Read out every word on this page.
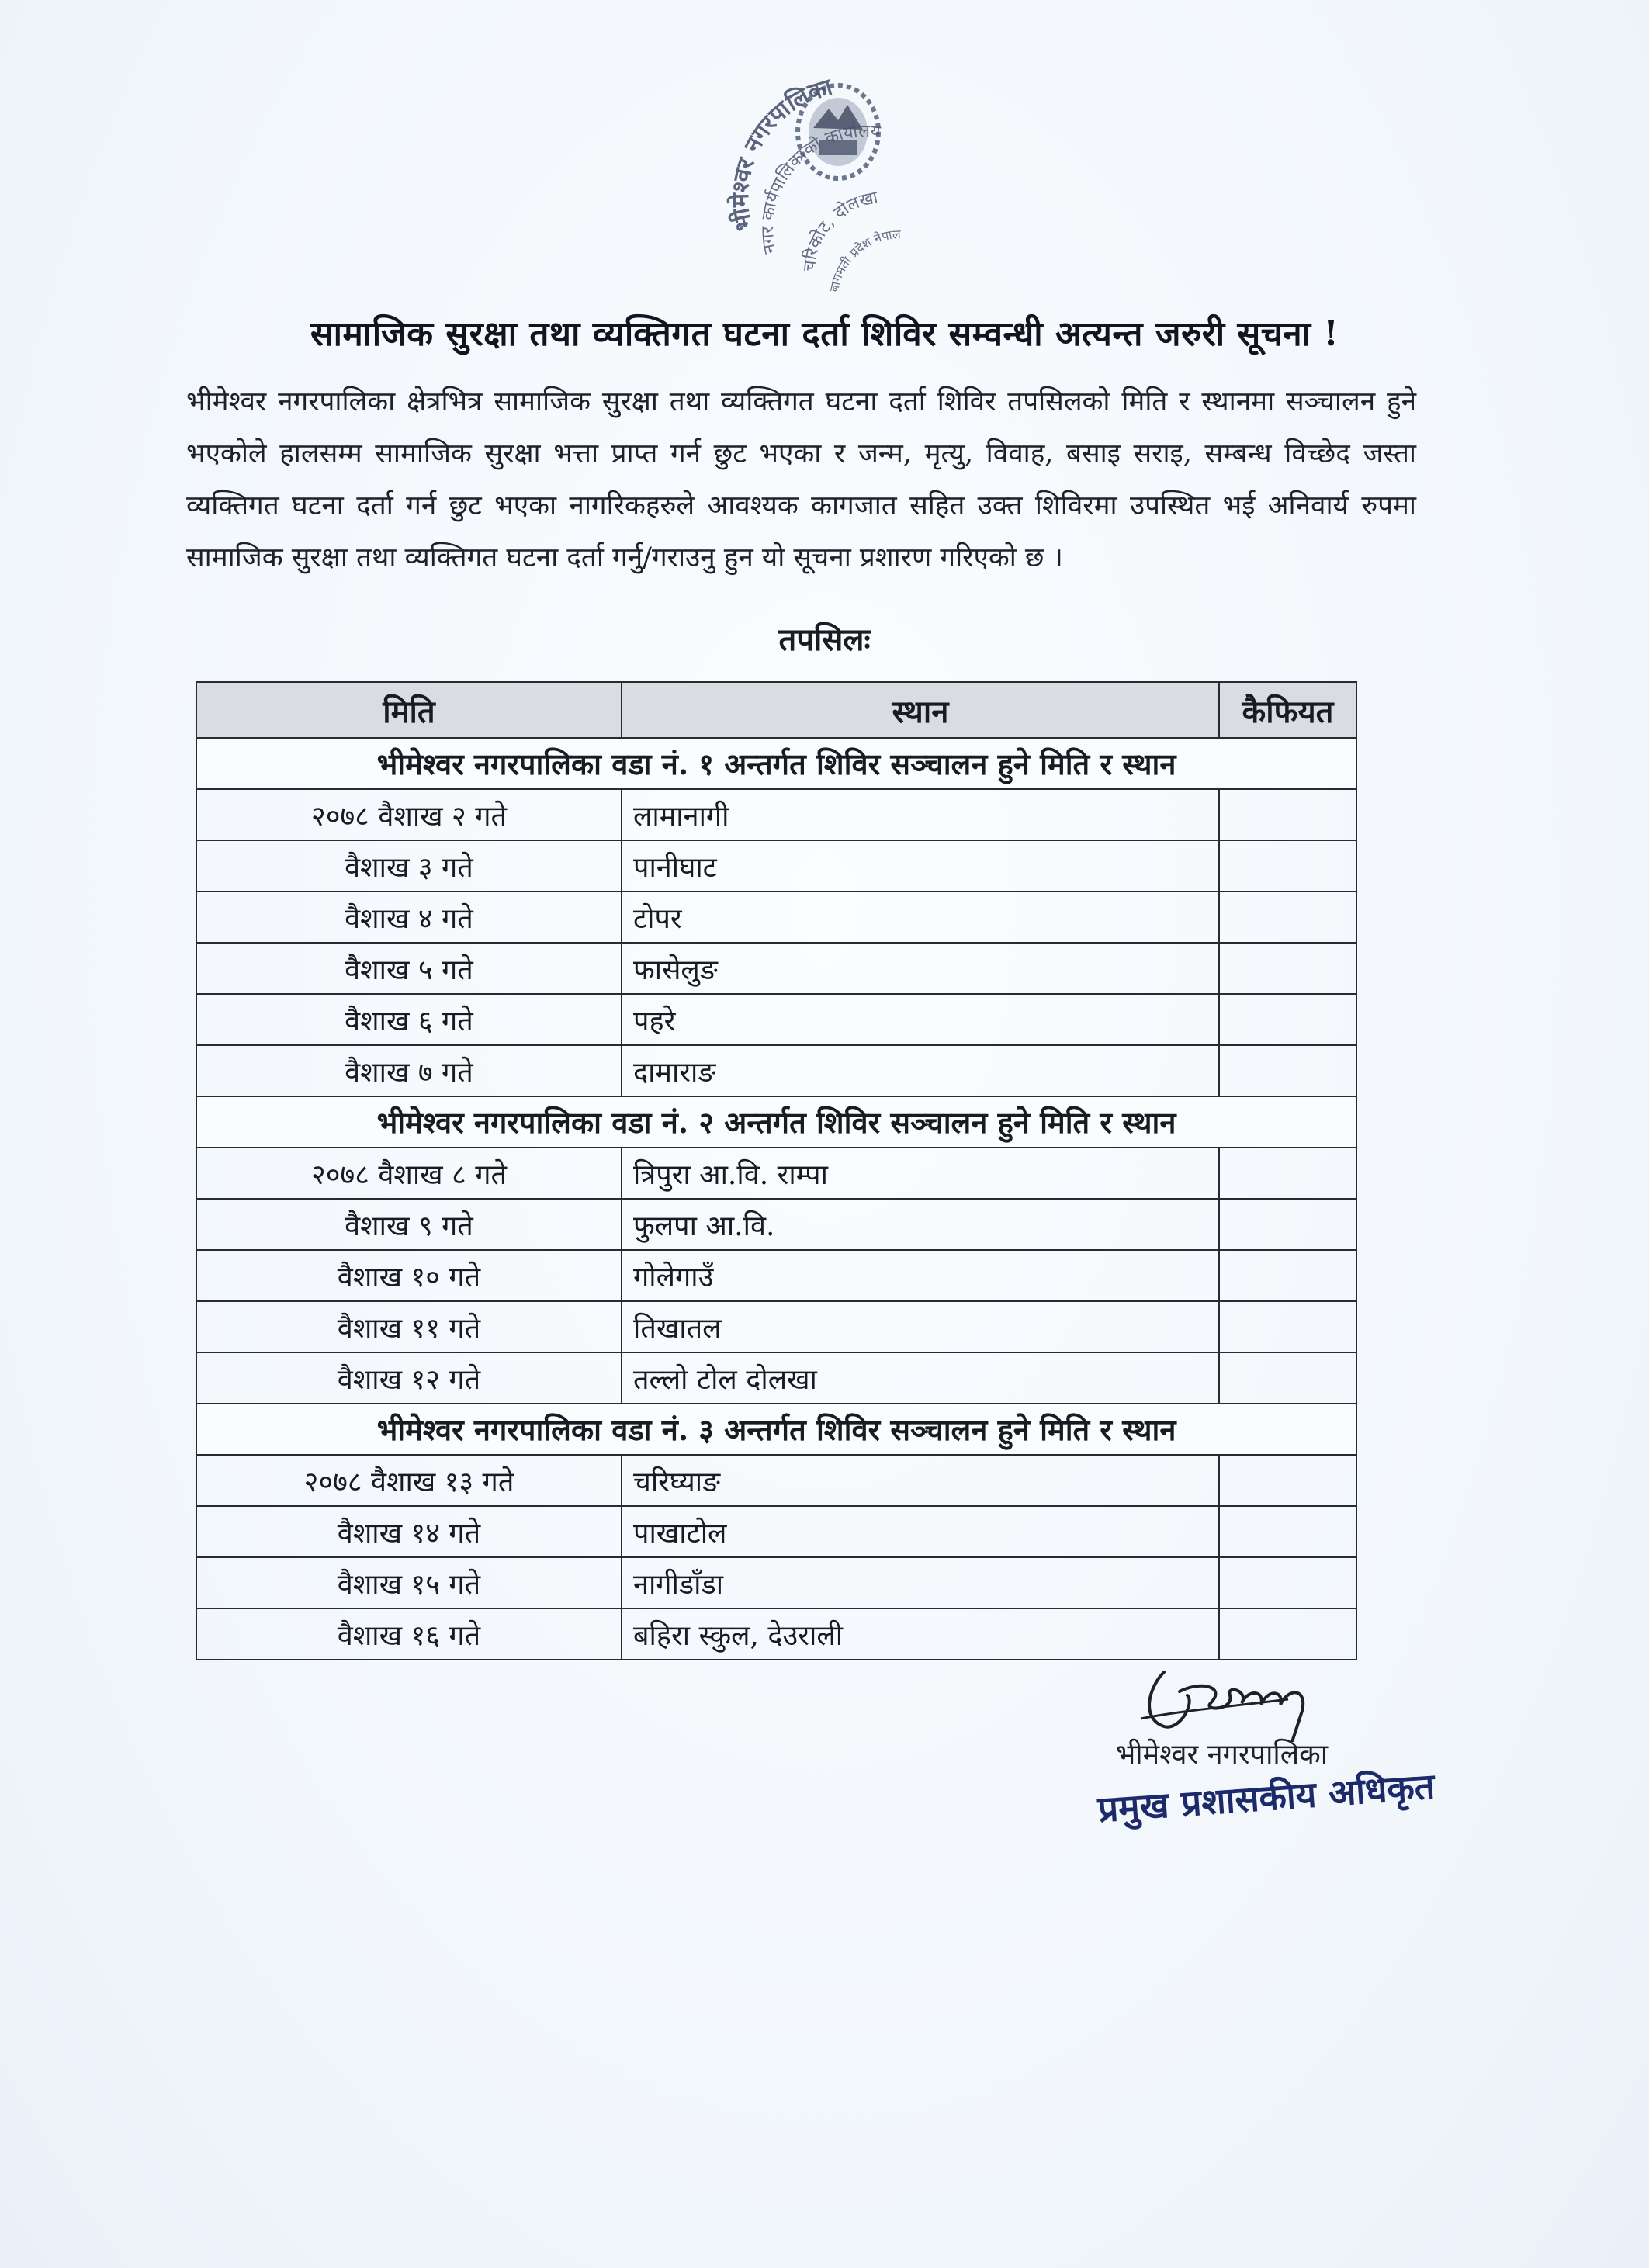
भीमेश्वर नगरपालिका
नगर कार्यपालिकाको कार्यालय
चरिकोट, दोलखा
बागमती प्रदेश नेपाल
सामाजिक सुरक्षा तथा व्यक्तिगत घटना दर्ता शिविर सम्वन्धी अत्यन्त जरुरी सूचना !
भीमेश्वर नगरपालिका क्षेत्रभित्र सामाजिक सुरक्षा तथा व्यक्तिगत घटना दर्ता शिविर तपसिलको मिति र स्थानमा सञ्चालन हुने भएकोले हालसम्म सामाजिक सुरक्षा भत्ता प्राप्त गर्न छुट भएका र जन्म, मृत्यु, विवाह, बसाइ सराइ, सम्बन्ध विच्छेद जस्ता व्यक्तिगत घटना दर्ता गर्न छुट भएका नागरिकहरुले आवश्यक कागजात सहित उक्त शिविरमा उपस्थित भई अनिवार्य रुपमा सामाजिक सुरक्षा तथा व्यक्तिगत घटना दर्ता गर्नु/गराउनु हुन यो सूचना प्रशारण गरिएको छ ।
तपसिलः
मिति	स्थान	कैफियत
भीमेश्वर नगरपालिका वडा नं. १ अन्तर्गत शिविर सञ्चालन हुने मिति र स्थान		
२०७८ वैशाख २ गते	लामानागी	
वैशाख ३ गते	पानीघाट	
वैशाख ४ गते	टोपर	
वैशाख ५ गते	फासेलुङ	
वैशाख ६ गते	पहरे	
वैशाख ७ गते	दामाराङ	
भीमेश्वर नगरपालिका वडा नं. २ अन्तर्गत शिविर सञ्चालन हुने मिति र स्थान		
२०७८ वैशाख ८ गते	त्रिपुरा आ.वि. राम्पा	
वैशाख ९ गते	फुलपा आ.वि.	
वैशाख १० गते	गोलेगाउँ	
वैशाख ११ गते	तिखातल	
वैशाख १२ गते	तल्लो टोल दोलखा	
भीमेश्वर नगरपालिका वडा नं. ३ अन्तर्गत शिविर सञ्चालन हुने मिति र स्थान		
२०७८ वैशाख १३ गते	चरिघ्याङ	
वैशाख १४ गते	पाखाटोल	
वैशाख १५ गते	नागीडाँडा	
वैशाख १६ गते	बहिरा स्कुल, देउराली	
भीमेश्वर नगरपालिका
प्रमुख प्रशासकीय अधिकृत
